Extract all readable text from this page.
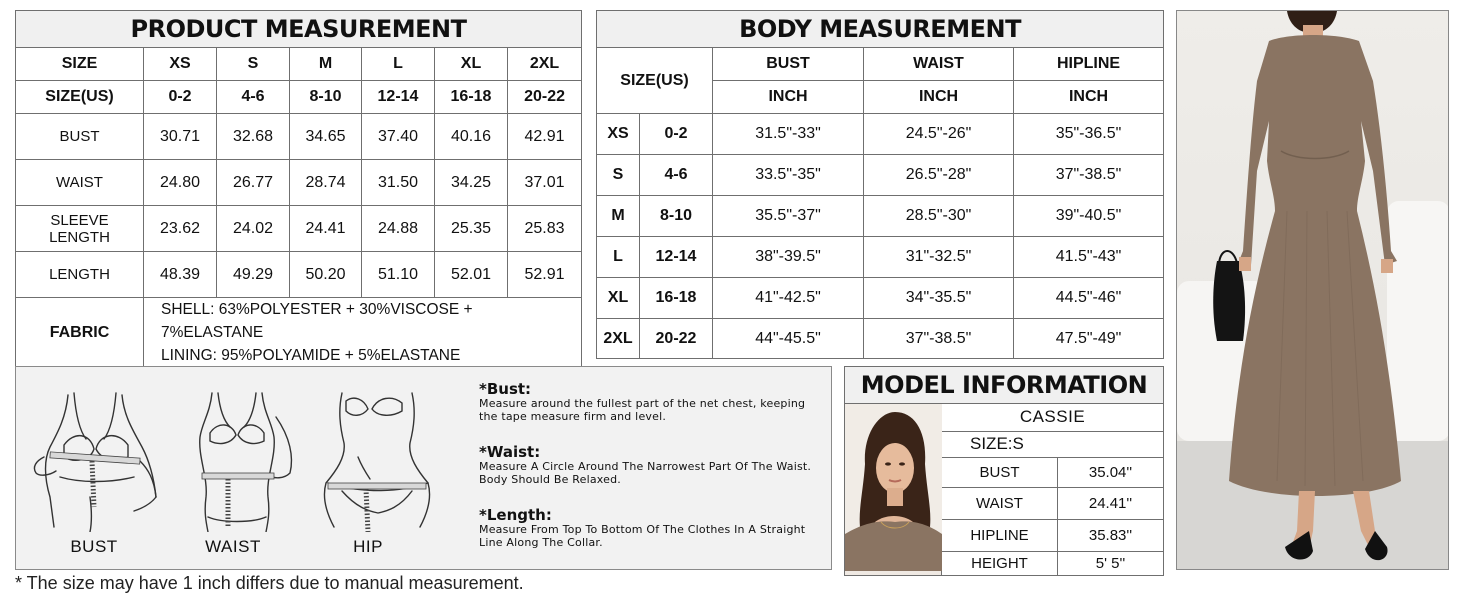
PRODUCT MEASUREMENT						
SIZE	XS	S	M	L	XL	2XL
SIZE(US)	0-2	4-6	8-10	12-14	16-18	20-22
BUST	30.71	32.68	34.65	37.40	40.16	42.91
WAIST	24.80	26.77	28.74	31.50	34.25	37.01
SLEEVE LENGTH	23.62	24.02	24.41	24.88	25.35	25.83
LENGTH	48.39	49.29	50.20	51.10	52.01	52.91
FABRIC	SHELL: 63%POLYESTER + 30%VISCOSE + 7%ELASTANE
LINING: 95%POLYAMIDE + 5%ELASTANE					
BODY MEASUREMENT				
SIZE(US)		BUST	WAIST	HIPLINE
		INCH	INCH	INCH
XS	0-2	31.5"-33"	24.5"-26"	35"-36.5"
S	4-6	33.5"-35"	26.5"-28"	37"-38.5"
M	8-10	35.5"-37"	28.5"-30"	39"-40.5"
L	12-14	38"-39.5"	31"-32.5"	41.5"-43"
XL	16-18	41"-42.5"	34"-35.5"	44.5"-46"
2XL	20-22	44"-45.5"	37"-38.5"	47.5"-49"
BUST	WAIST	HIP
*Bust:
Measure around the fullest part of the net chest, keeping the tape measure firm and level.
*Waist:
Measure A Circle Around The Narrowest Part Of The Waist. Body Should Be Relaxed.
*Length:
Measure From Top To Bottom Of The Clothes In A Straight Line Along The Collar.
MODEL INFORMATION		
	CASSIE	
	SIZE:S	
	BUST	35.04''
	WAIST	24.41''
	HIPLINE	35.83''
	HEIGHT	5' 5''
* The size may have 1 inch differs due to manual measurement.
